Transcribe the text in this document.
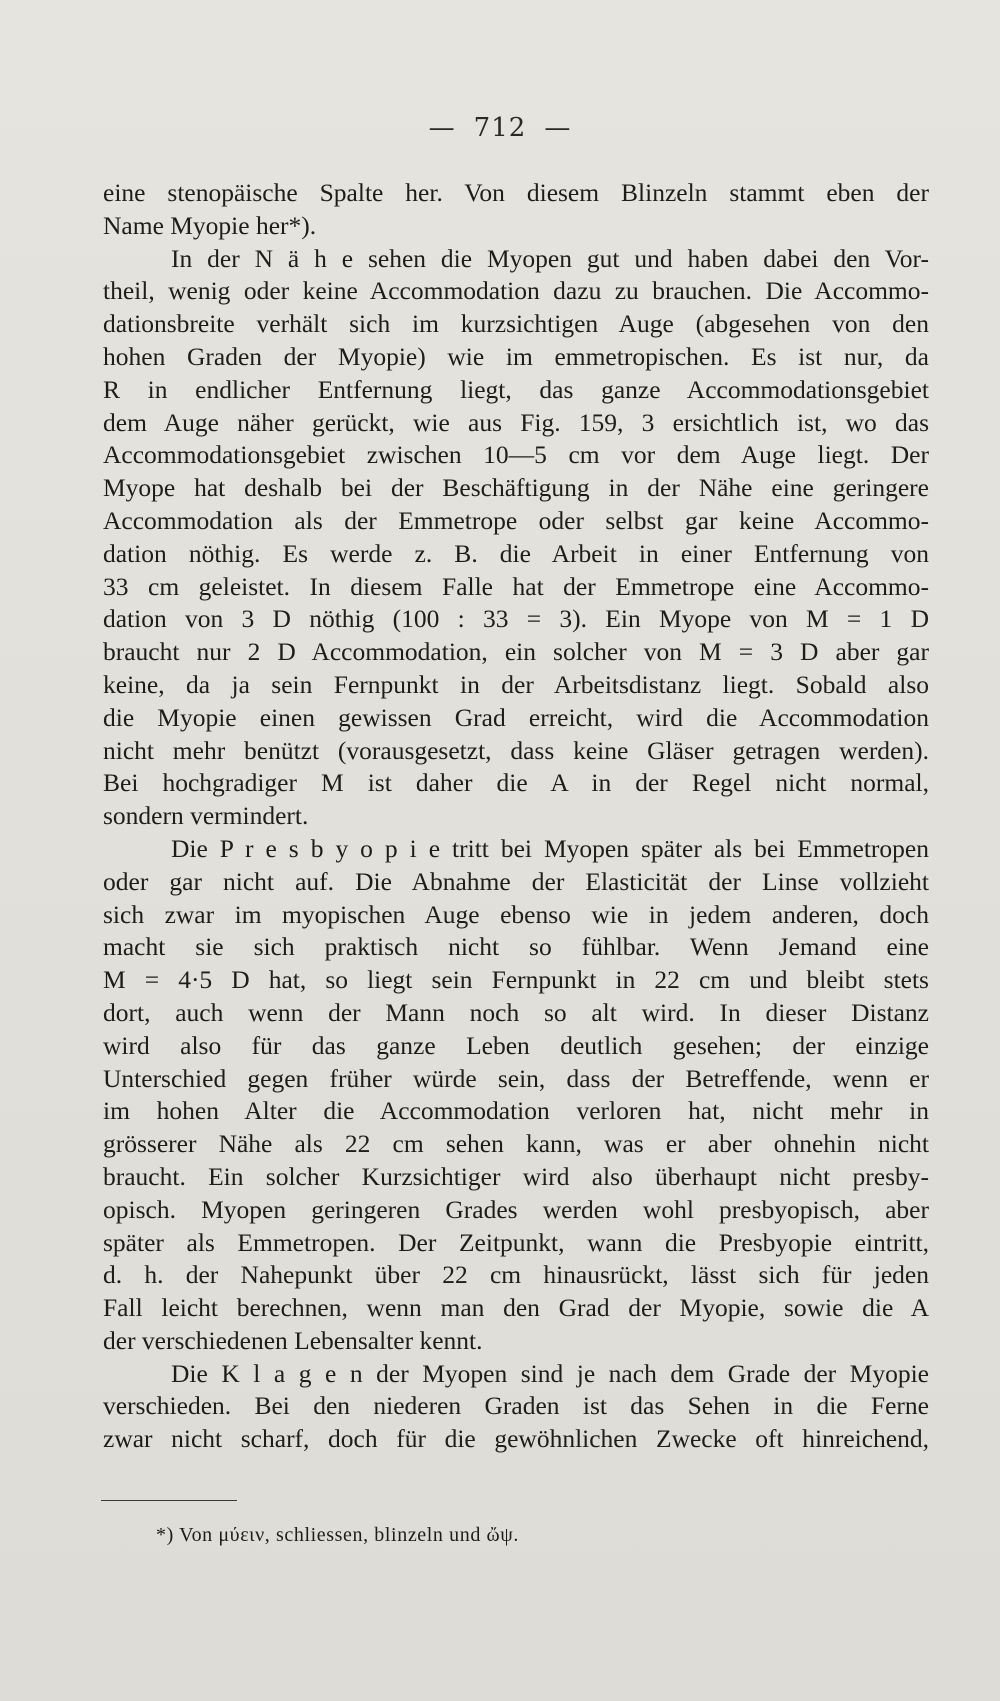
— 712 —
eine stenopäische Spalte her. Von diesem Blinzeln stammt eben der
Name Myopie her*).
In der N ä h e sehen die Myopen gut und haben dabei den Vor-
theil, wenig oder keine Accommodation dazu zu brauchen. Die Accommo-
dationsbreite verhält sich im kurzsichtigen Auge (abgesehen von den
hohen Graden der Myopie) wie im emmetropischen. Es ist nur, da
R in endlicher Entfernung liegt, das ganze Accommodationsgebiet
dem Auge näher gerückt, wie aus Fig. 159, 3 ersichtlich ist, wo das
Accommodationsgebiet zwischen 10—5 cm vor dem Auge liegt. Der
Myope hat deshalb bei der Beschäftigung in der Nähe eine geringere
Accommodation als der Emmetrope oder selbst gar keine Accommo-
dation nöthig. Es werde z. B. die Arbeit in einer Entfernung von
33 cm geleistet. In diesem Falle hat der Emmetrope eine Accommo-
dation von 3 D nöthig (100 : 33 = 3). Ein Myope von M = 1 D
braucht nur 2 D Accommodation, ein solcher von M = 3 D aber gar
keine, da ja sein Fernpunkt in der Arbeitsdistanz liegt. Sobald also
die Myopie einen gewissen Grad erreicht, wird die Accommodation
nicht mehr benützt (vorausgesetzt, dass keine Gläser getragen werden).
Bei hochgradiger M ist daher die A in der Regel nicht normal,
sondern vermindert.
Die P r e s b y o p i e tritt bei Myopen später als bei Emmetropen
oder gar nicht auf. Die Abnahme der Elasticität der Linse vollzieht
sich zwar im myopischen Auge ebenso wie in jedem anderen, doch
macht sie sich praktisch nicht so fühlbar. Wenn Jemand eine
M = 4·5 D hat, so liegt sein Fernpunkt in 22 cm und bleibt stets
dort, auch wenn der Mann noch so alt wird. In dieser Distanz
wird also für das ganze Leben deutlich gesehen; der einzige
Unterschied gegen früher würde sein, dass der Betreffende, wenn er
im hohen Alter die Accommodation verloren hat, nicht mehr in
grösserer Nähe als 22 cm sehen kann, was er aber ohnehin nicht
braucht. Ein solcher Kurzsichtiger wird also überhaupt nicht presby-
opisch. Myopen geringeren Grades werden wohl presbyopisch, aber
später als Emmetropen. Der Zeitpunkt, wann die Presbyopie eintritt,
d. h. der Nahepunkt über 22 cm hinausrückt, lässt sich für jeden
Fall leicht berechnen, wenn man den Grad der Myopie, sowie die A
der verschiedenen Lebensalter kennt.
Die K l a g e n der Myopen sind je nach dem Grade der Myopie
verschieden. Bei den niederen Graden ist das Sehen in die Ferne
zwar nicht scharf, doch für die gewöhnlichen Zwecke oft hinreichend,
*) Von μύειν, schliessen, blinzeln und ὤψ.
